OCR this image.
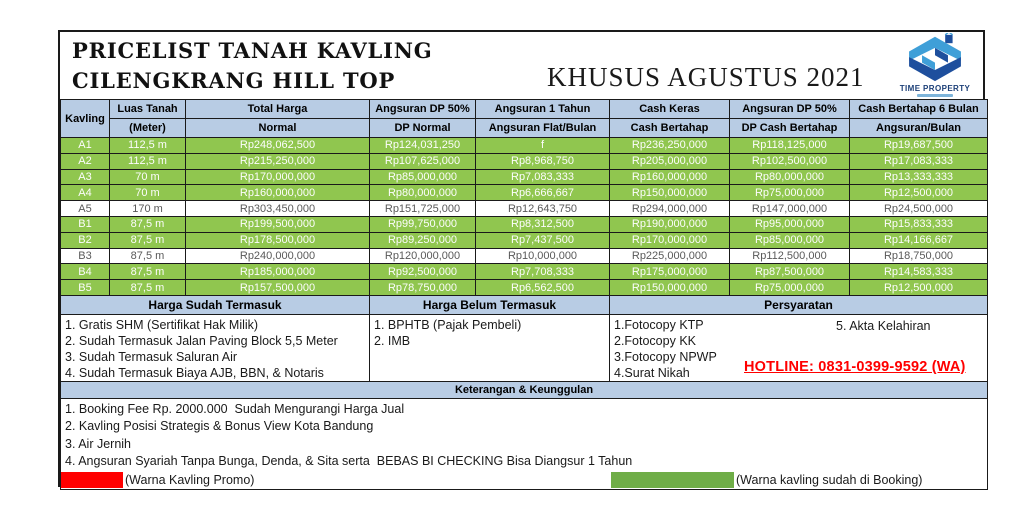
PRICELIST TANAH KAVLING
CILENGKRANG HILL TOP	KHUSUS AGUSTUS 2021	TIME PROPERTY
Kavling	Luas Tanah	Total Harga	Angsuran DP 50%	Angsuran 1 Tahun	Cash Keras	Angsuran DP 50%	Cash Bertahap 6 Bulan
	(Meter)	Normal	DP Normal	Angsuran Flat/Bulan	Cash Bertahap	DP Cash Bertahap	Angsuran/Bulan
A1	112,5 m	Rp248,062,500	Rp124,031,250	f	Rp236,250,000	Rp118,125,000	Rp19,687,500
A2	112,5 m	Rp215,250,000	Rp107,625,000	Rp8,968,750	Rp205,000,000	Rp102,500,000	Rp17,083,333
A3	70 m	Rp170,000,000	Rp85,000,000	Rp7,083,333	Rp160,000,000	Rp80,000,000	Rp13,333,333
A4	70 m	Rp160,000,000	Rp80,000,000	Rp6,666,667	Rp150,000,000	Rp75,000,000	Rp12,500,000
A5	170 m	Rp303,450,000	Rp151,725,000	Rp12,643,750	Rp294,000,000	Rp147,000,000	Rp24,500,000
B1	87,5 m	Rp199,500,000	Rp99,750,000	Rp8,312,500	Rp190,000,000	Rp95,000,000	Rp15,833,333
B2	87,5 m	Rp178,500,000	Rp89,250,000	Rp7,437,500	Rp170,000,000	Rp85,000,000	Rp14,166,667
B3	87,5 m	Rp240,000,000	Rp120,000,000	Rp10,000,000	Rp225,000,000	Rp112,500,000	Rp18,750,000
B4	87,5 m	Rp185,000,000	Rp92,500,000	Rp7,708,333	Rp175,000,000	Rp87,500,000	Rp14,583,333
B5	87,5 m	Rp157,500,000	Rp78,750,000	Rp6,562,500	Rp150,000,000	Rp75,000,000	Rp12,500,000
Harga Sudah Termasuk			Harga Belum Termasuk		Persyaratan		

1. Gratis SHM (Sertifikat Hak Milik)
2. Sudah Termasuk Jalan Paving Block 5,5 Meter
3. Sudah Termasuk Saluran Air
4. Sudah Termasuk Biaya AJB, BBN, & Notaris

1. BPHTB (Pajak Pembeli)
2. IMB

1.Fotocopy KTP
2.Fotocopy KK
3.Fotocopy NPWP
4.Surat Nikah
5. Akta Kelahiran
HOTLINE: 0831-0399-9592 (WA)

Keterangan & Keunggulan							

1. Booking Fee Rp. 2000.000  Sudah Mengurangi Harga Jual
2. Kavling Posisi Strategis & Bonus View Kota Bandung
3. Air Jernih
4. Angsuran Syariah Tanpa Bunga, Denda, & Sita serta  BEBAS BI CHECKING Bisa Diangsur 1 Tahun
(Warna Kavling Promo)	(Warna kavling sudah di Booking)
